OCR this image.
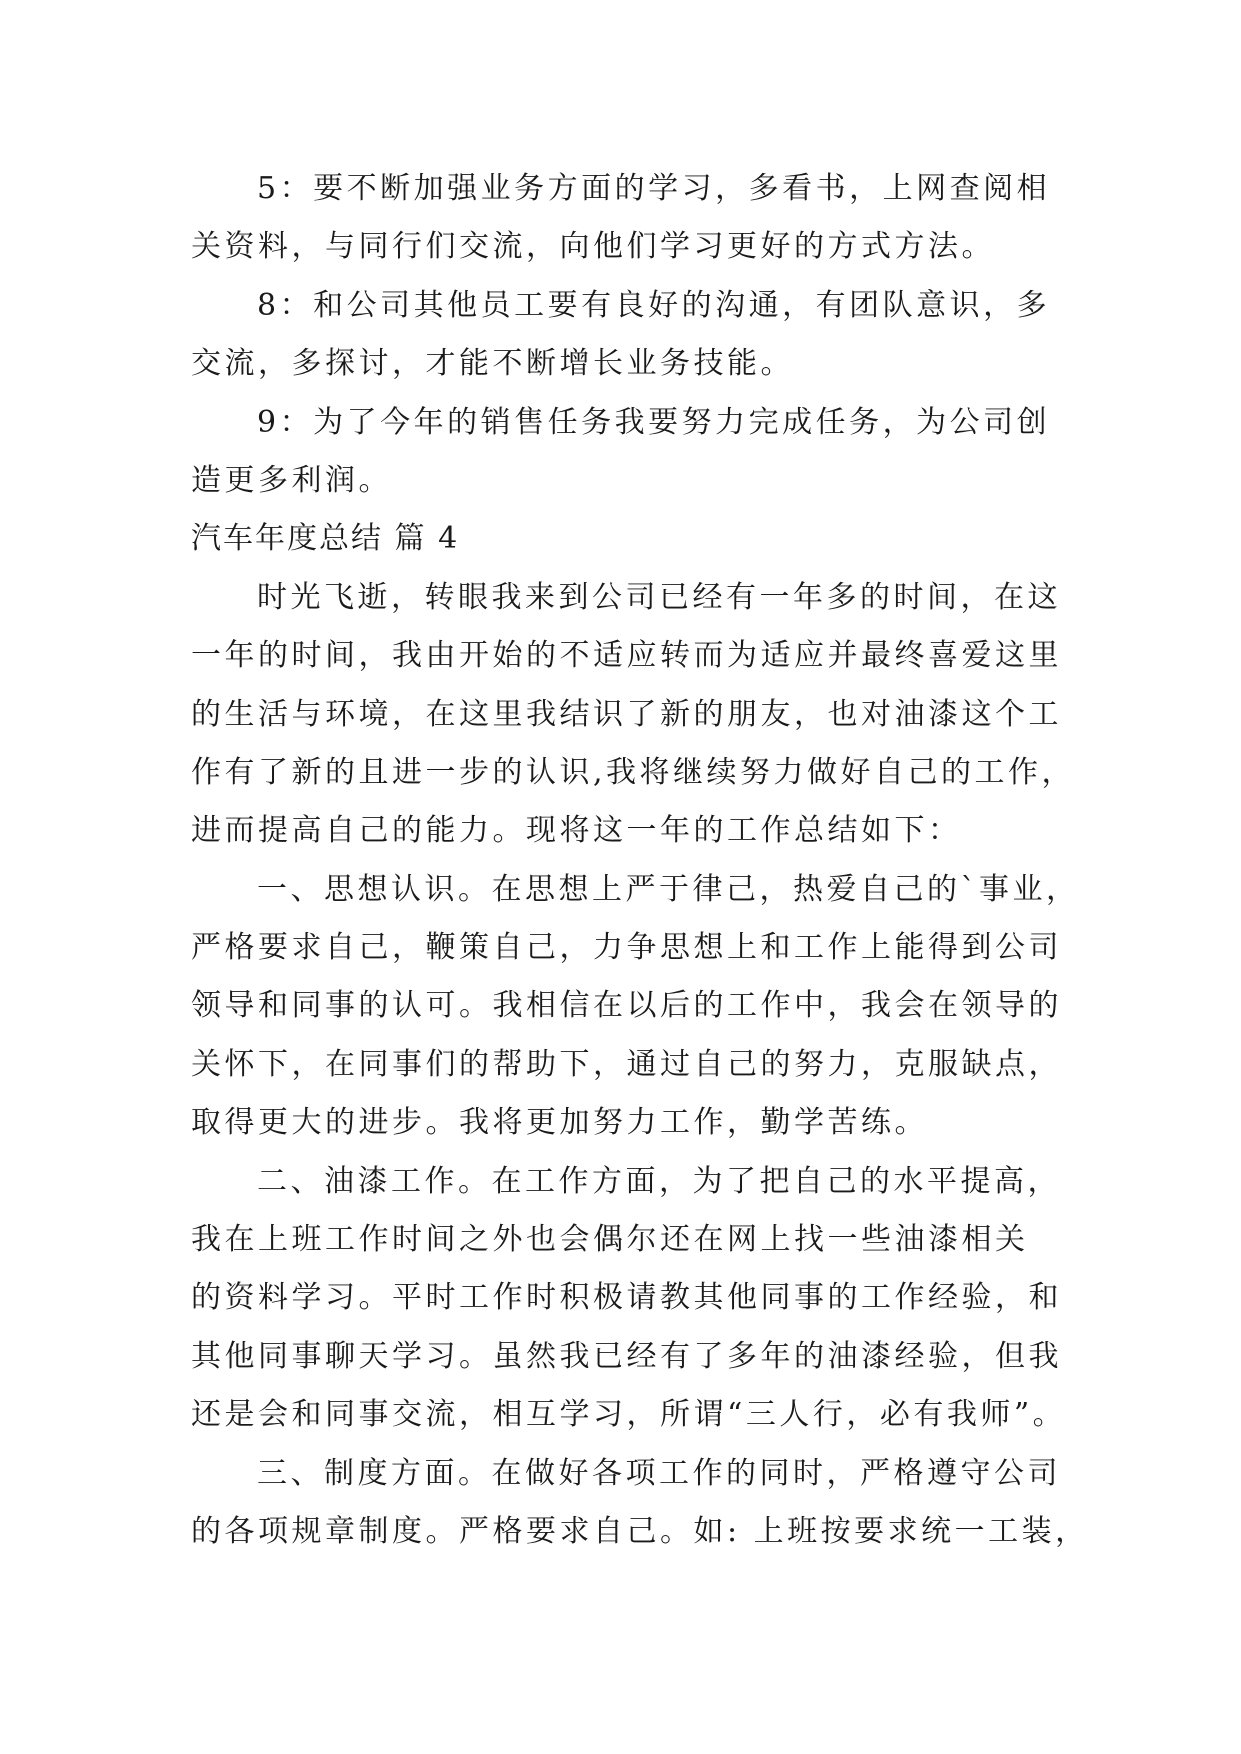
5：要不断加强业务方面的学习，多看书，上网查阅相
关资料，与同行们交流，向他们学习更好的方式方法。
8：和公司其他员工要有良好的沟通，有团队意识，多
交流，多探讨，才能不断增长业务技能。
9：为了今年的销售任务我要努力完成任务，为公司创
造更多利润。
汽车年度总结 篇 4
时光飞逝，转眼我来到公司已经有一年多的时间，在这
一年的时间，我由开始的不适应转而为适应并最终喜爱这里
的生活与环境，在这里我结识了新的朋友，也对油漆这个工
作有了新的且进一步的认识,我将继续努力做好自己的工作，
进而提高自己的能力。现将这一年的工作总结如下：
一、思想认识。在思想上严于律己，热爱自己的`事业，
严格要求自己，鞭策自己，力争思想上和工作上能得到公司
领导和同事的认可。我相信在以后的工作中，我会在领导的
关怀下，在同事们的帮助下，通过自己的努力，克服缺点，
取得更大的进步。我将更加努力工作，勤学苦练。
二、油漆工作。在工作方面，为了把自己的水平提高，
我在上班工作时间之外也会偶尔还在网上找一些油漆相关
的资料学习。平时工作时积极请教其他同事的工作经验，和
其他同事聊天学习。虽然我已经有了多年的油漆经验，但我
还是会和同事交流，相互学习，所谓“三人行，必有我师”。
三、制度方面。在做好各项工作的同时，严格遵守公司
的各项规章制度。严格要求自己。如: 上班按要求统一工装，
